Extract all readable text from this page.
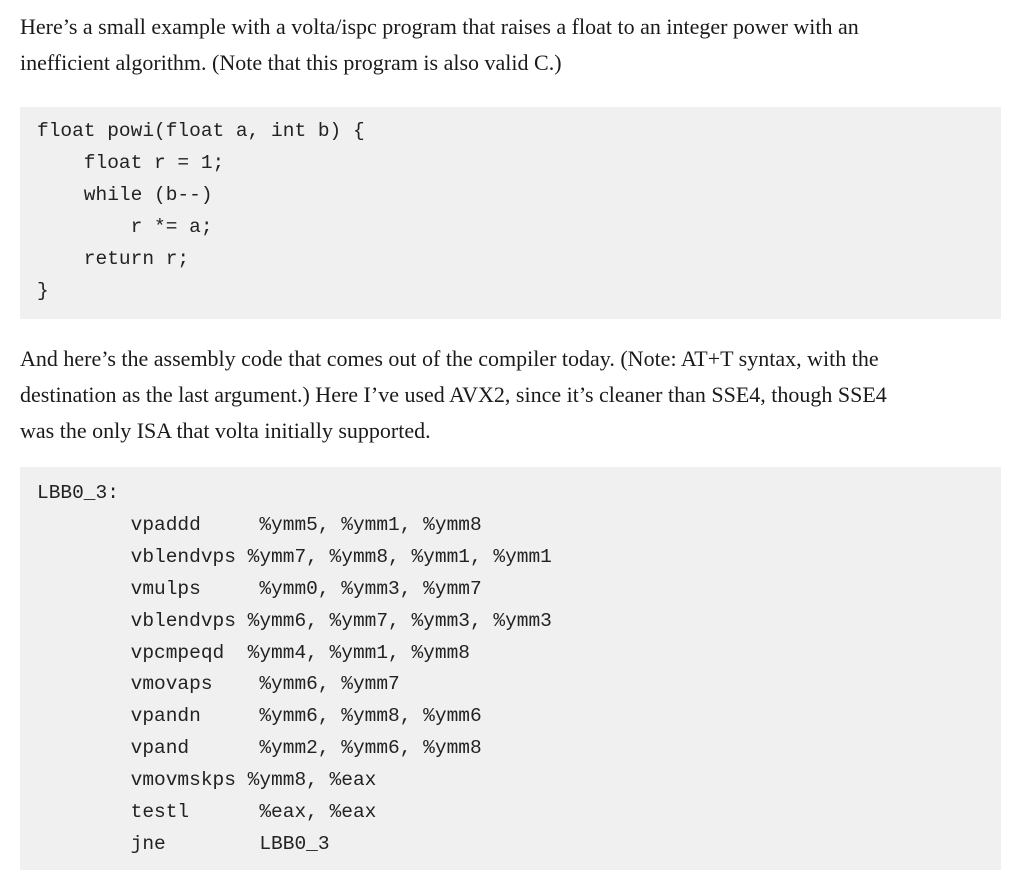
Here’s a small example with a volta/ispc program that raises a float to an integer power with an
inefficient algorithm. (Note that this program is also valid C.)

float powi(float a, int b) {
float r = 1;
while (b--)
r *= a;
return r;
}

And here’s the assembly code that comes out of the compiler today. (Note: AT+T syntax, with the
destination as the last argument.) Here I’ve used AVX2, since it’s cleaner than SSE4, though SSE4
was the only ISA that volta initially supported.

LBB0_3:
vpaddd     %ymm5, %ymm1, %ymm8
vblendvps %ymm7, %ymm8, %ymm1, %ymm1
vmulps     %ymm0, %ymm3, %ymm7
vblendvps %ymm6, %ymm7, %ymm3, %ymm3
vpcmpeqd  %ymm4, %ymm1, %ymm8
vmovaps    %ymm6, %ymm7
vpandn     %ymm6, %ymm8, %ymm6
vpand      %ymm2, %ymm6, %ymm8
vmovmskps %ymm8, %eax
testl      %eax, %eax
jne        LBB0_3
